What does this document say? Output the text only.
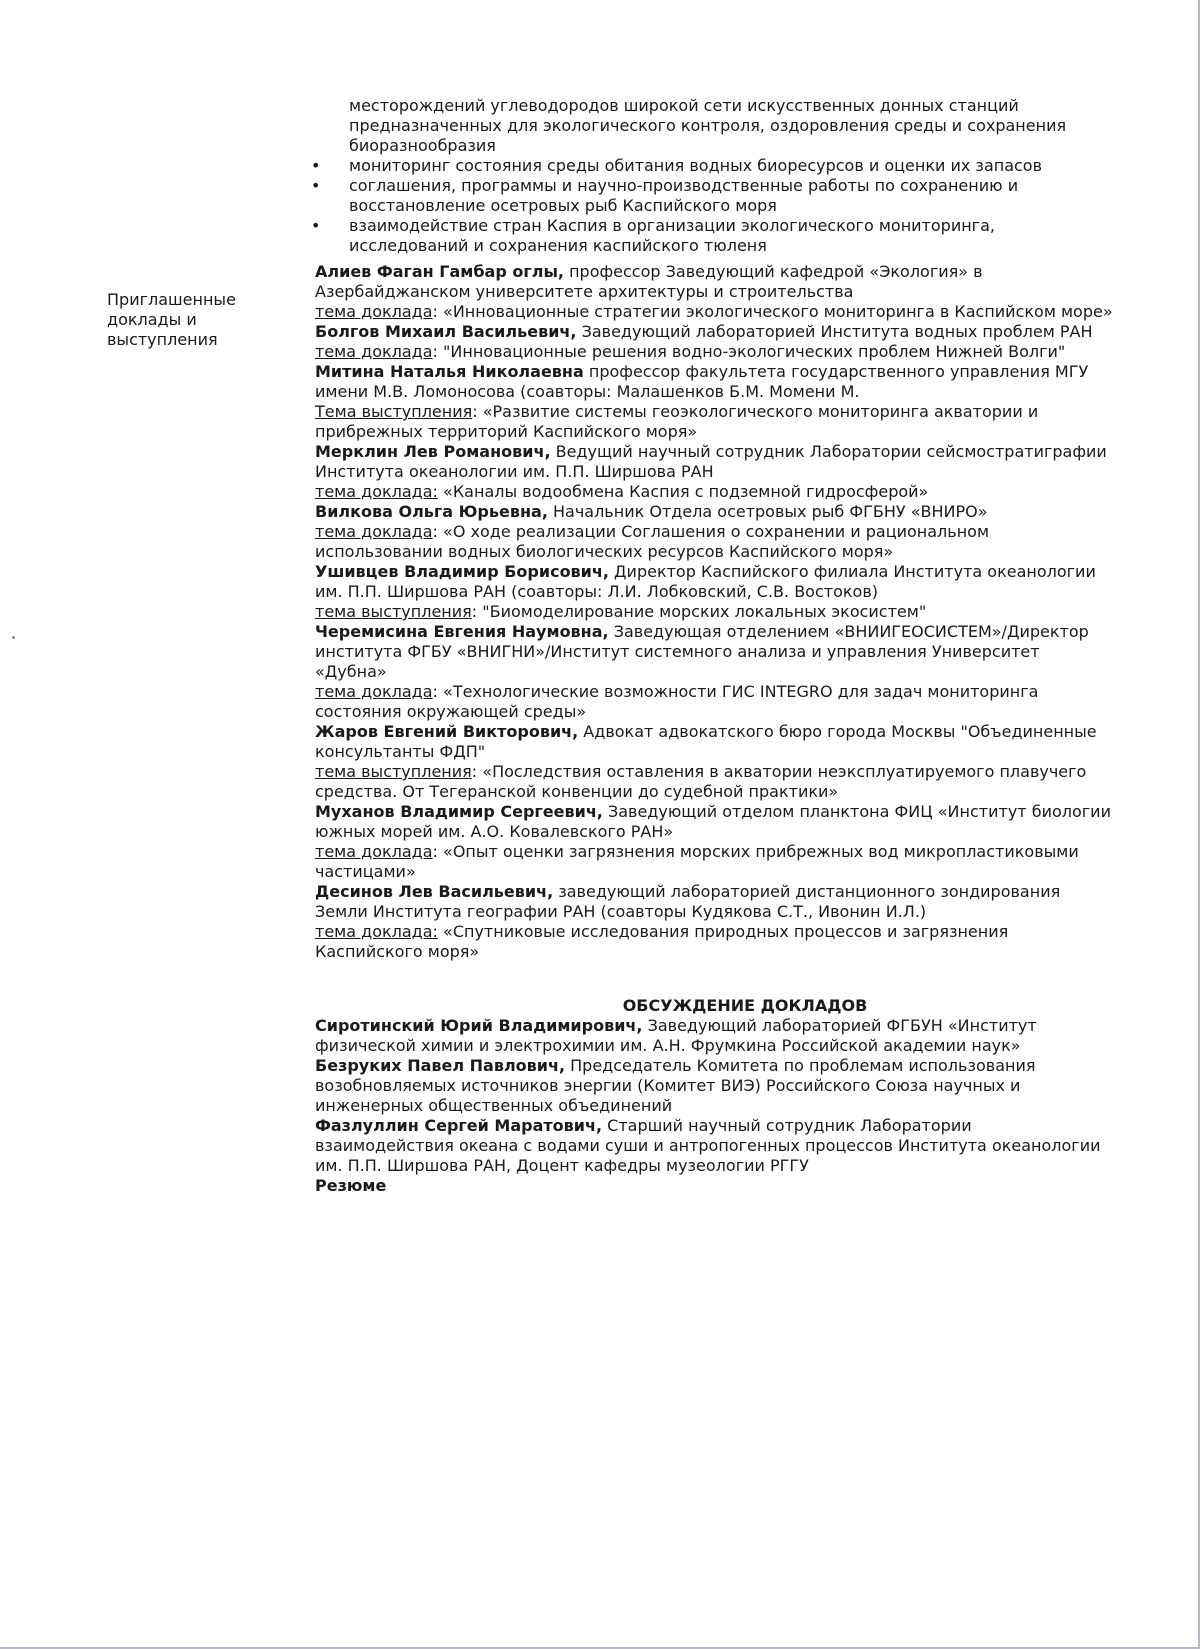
Приглашенные доклады и выступления
месторождений углеводородов широкой сети искусственных донных станций предназначенных для экологического контроля, оздоровления среды и сохранения биоразнообразия
• мониторинг состояния среды обитания водных биоресурсов и оценки их запасов
• соглашения, программы и научно-производственные работы по сохранению и восстановление осетровых рыб Каспийского моря
• взаимодействие стран Каспия в организации экологического мониторинга, исследований и сохранения каспийского тюленя

Алиев Фаган Гамбар оглы, профессор Заведующий кафедрой «Экология» в Азербайджанском университете архитектуры и строительства
тема доклада: «Инновационные стратегии экологического мониторинга в Каспийском море»

Болгов Михаил Васильевич, Заведующий лабораторией Института водных проблем РАН
тема доклада: "Инновационные решения водно-экологических проблем Нижней Волги"

Митина Наталья Николаевна профессор факультета государственного управления МГУ имени М.В. Ломоносова (соавторы: Малашенков Б.М. Момени М.
Тема выступления: «Развитие системы геоэкологического мониторинга акватории и прибрежных территорий Каспийского моря»

Мерклин Лев Романович, Ведущий научный сотрудник Лаборатории сейсмостратиграфии Института океанологии им. П.П. Ширшова РАН
тема доклада: «Каналы водообмена Каспия с подземной гидросферой»

Вилкова Ольга Юрьевна, Начальник Отдела осетровых рыб ФГБНУ «ВНИРО»
тема доклада: «О ходе реализации Соглашения о сохранении и рациональном использовании водных биологических ресурсов Каспийского моря»

Ушивцев Владимир Борисович, Директор Каспийского филиала Института океанологии им. П.П. Ширшова РАН (соавторы: Л.И. Лобковский, С.В. Востоков)
тема выступления: "Биомоделирование морских локальных экосистем"

Черемисина Евгения Наумовна, Заведующая отделением «ВНИИГЕОСИСТЕМ»/Директор института ФГБУ «ВНИГНИ»/Институт системного анализа и управления Университет «Дубна»
тема доклада: «Технологические возможности ГИС INTEGRO для задач мониторинга состояния окружающей среды»

Жаров Евгений Викторович, Адвокат адвокатского бюро города Москвы "Объединенные консультанты ФДП"
тема выступления: «Последствия оставления в акватории неэксплуатируемого плавучего средства. От Тегеранской конвенции до судебной практики»

Муханов Владимир Сергеевич, Заведующий отделом планктона ФИЦ «Институт биологии южных морей им. А.О. Ковалевского РАН»
тема доклада: «Опыт оценки загрязнения морских прибрежных вод микропластиковыми частицами»

Десинов Лев Васильевич, заведующий лабораторией дистанционного зондирования Земли Института географии РАН (соавторы Кудякова С.Т., Ивонин И.Л.)
тема доклада: «Спутниковые исследования природных процессов и загрязнения Каспийского моря»

ОБСУЖДЕНИЕ ДОКЛАДОВ

Сиротинский Юрий Владимирович, Заведующий лабораторией ФГБУН «Институт физической химии и электрохимии им. А.Н. Фрумкина Российской академии наук»

Безруких Павел Павлович, Председатель Комитета по проблемам использования возобновляемых источников энергии (Комитет ВИЭ) Российского Союза научных и инженерных общественных объединений

Фазлуллин Сергей Маратович, Старший научный сотрудник Лаборатории взаимодействия океана с водами суши и антропогенных процессов Института океанологии им. П.П. Ширшова РАН, Доцент кафедры музеологии РГГУ

Резюме
